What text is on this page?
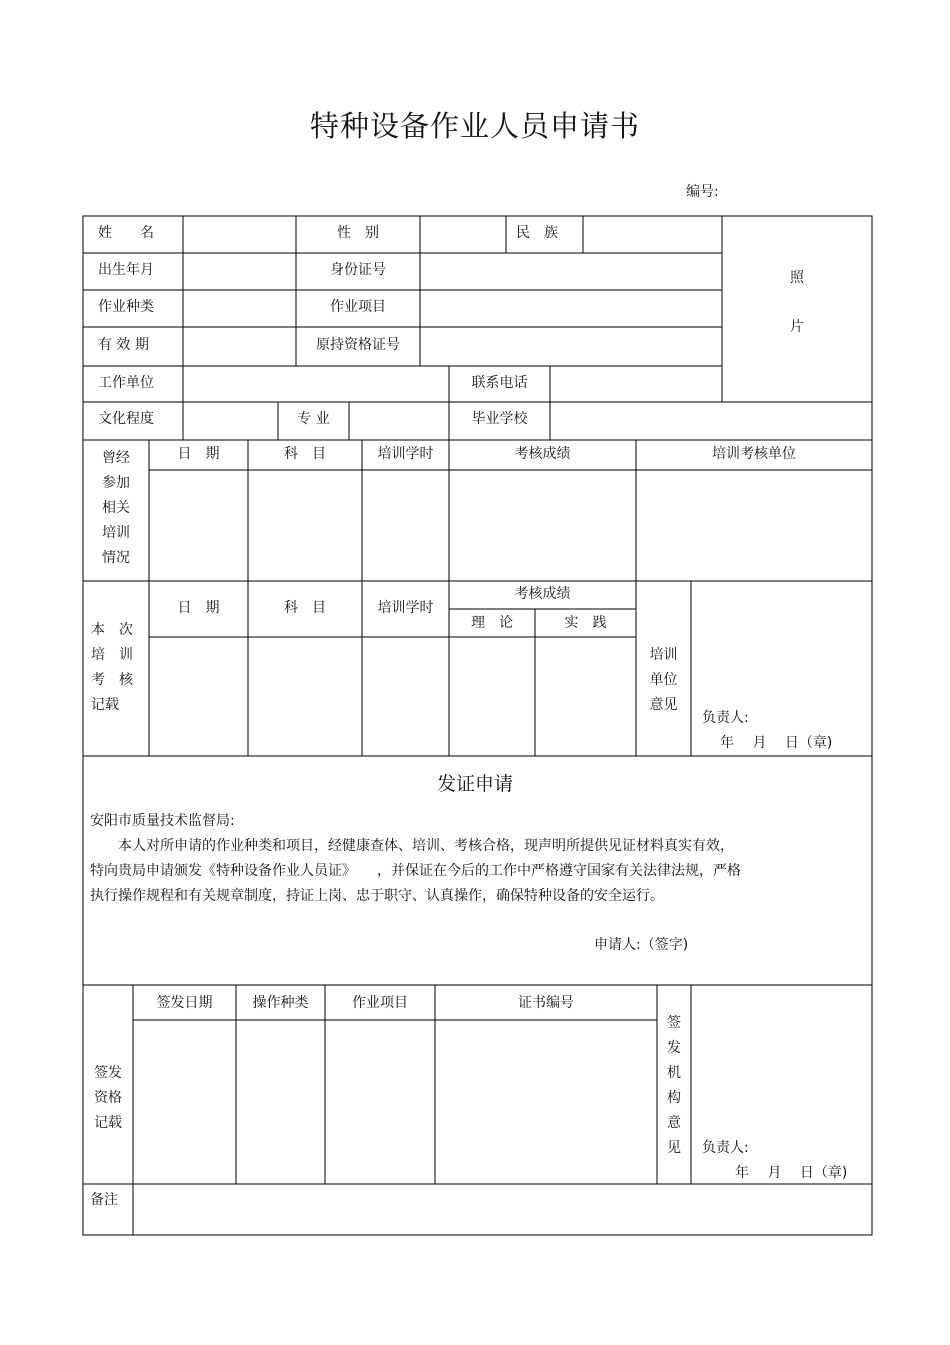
特种设备作业人员申请书
编号:
姓　　名	性　别	民　族
照
片
出生年月	身份证号
作业种类	作业项目
有 效 期	原持资格证号
工作单位	联系电话
文化程度	专 业	毕业学校
曾经
参加
相关
培训
情况
日　期	科　目	培训学时	考核成绩	培训考核单位
本　次
培　训
考　核
记载
日　期	科　目	培训学时
考核成绩
理　论	实　践
培训
单位
意见
负责人:
年　 月　 日（章)
发证申请
安阳市质量技术监督局:
本人对所申请的作业种类和项目，经健康查体、培训、考核合格，现声明所提供见证材料真实有效，
特向贵局申请颁发《特种设备作业人员证》　　，并保证在今后的工作中严格遵守国家有关法律法规，严格
执行操作规程和有关规章制度，持证上岗、忠于职守、认真操作，确保特种设备的安全运行。
申请人:（签字)
签发
资格
记载
签发日期	操作种类	作业项目	证书编号
签
发
机
构
意
见	负责人:
年　 月　 日（章)
备注
